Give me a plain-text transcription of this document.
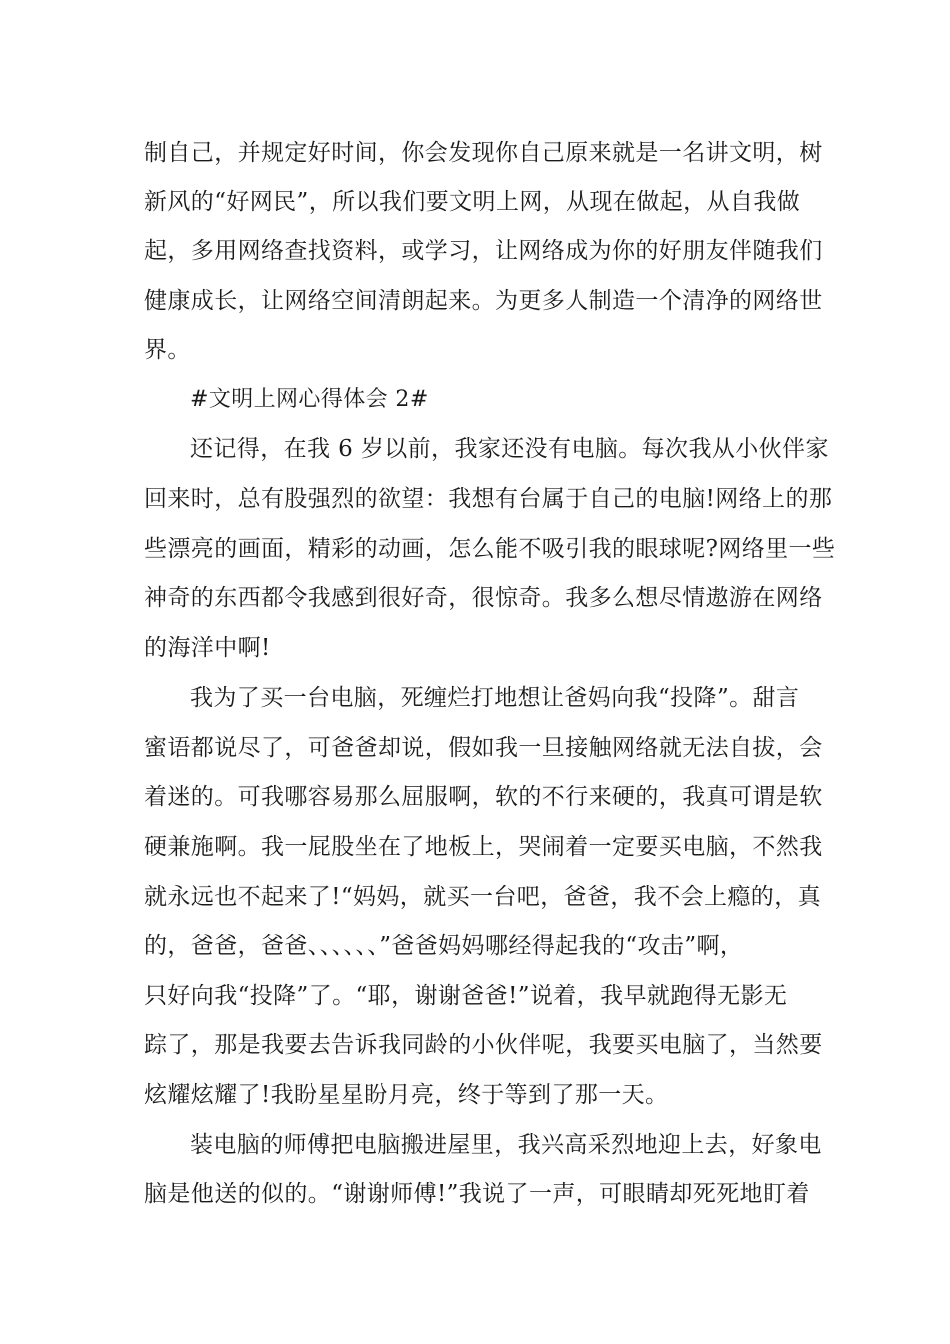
制自己，并规定好时间，你会发现你自己原来就是一名讲文明，树
新风的“好网民”，所以我们要文明上网，从现在做起，从自我做
起，多用网络查找资料，或学习，让网络成为你的好朋友伴随我们
健康成长，让网络空间清朗起来。为更多人制造一个清净的网络世
界。
#文明上网心得体会 2#
还记得，在我 6 岁以前，我家还没有电脑。每次我从小伙伴家
回来时，总有股强烈的欲望：我想有台属于自己的电脑!网络上的那
些漂亮的画面，精彩的动画，怎么能不吸引我的眼球呢?网络里一些
神奇的东西都令我感到很好奇，很惊奇。我多么想尽情遨游在网络
的海洋中啊!
我为了买一台电脑，死缠烂打地想让爸妈向我“投降”。甜言
蜜语都说尽了，可爸爸却说，假如我一旦接触网络就无法自拔，会
着迷的。可我哪容易那么屈服啊，软的不行来硬的，我真可谓是软
硬兼施啊。我一屁股坐在了地板上，哭闹着一定要买电脑，不然我
就永远也不起来了!“妈妈，就买一台吧，爸爸，我不会上瘾的，真
的，爸爸，爸爸、、、、、、”爸爸妈妈哪经得起我的“攻击”啊，
只好向我“投降”了。“耶，谢谢爸爸!”说着，我早就跑得无影无
踪了，那是我要去告诉我同龄的小伙伴呢，我要买电脑了，当然要
炫耀炫耀了!我盼星星盼月亮，终于等到了那一天。
装电脑的师傅把电脑搬进屋里，我兴高采烈地迎上去，好象电
脑是他送的似的。“谢谢师傅!”我说了一声，可眼睛却死死地盯着
